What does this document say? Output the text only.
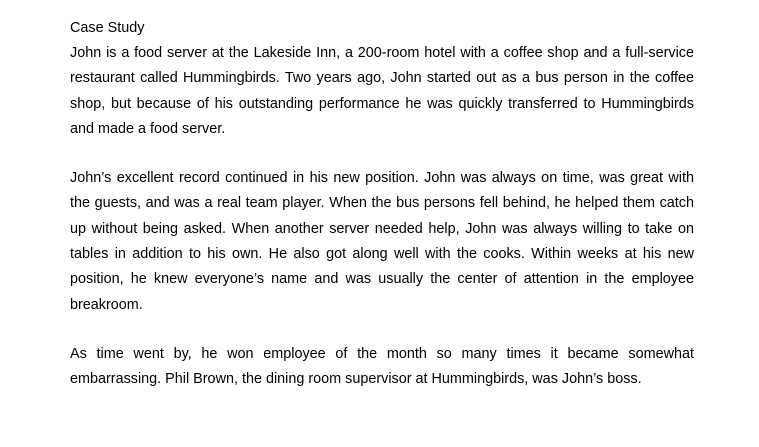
Case Study

John is a food server at the Lakeside Inn, a 200-room hotel with a coffee shop and a full-service restaurant called Hummingbirds. Two years ago, John started out as a bus person in the coffee shop, but because of his outstanding performance he was quickly transferred to Hummingbirds and made a food server.

John’s excellent record continued in his new position. John was always on time, was great with the guests, and was a real team player. When the bus persons fell behind, he helped them catch up without being asked. When another server needed help, John was always willing to take on tables in addition to his own. He also got along well with the cooks. Within weeks at his new position, he knew everyone’s name and was usually the center of attention in the employee breakroom.

As time went by, he won employee of the month so many times it became somewhat embarrassing. Phil Brown, the dining room supervisor at Hummingbirds, was John’s boss.
